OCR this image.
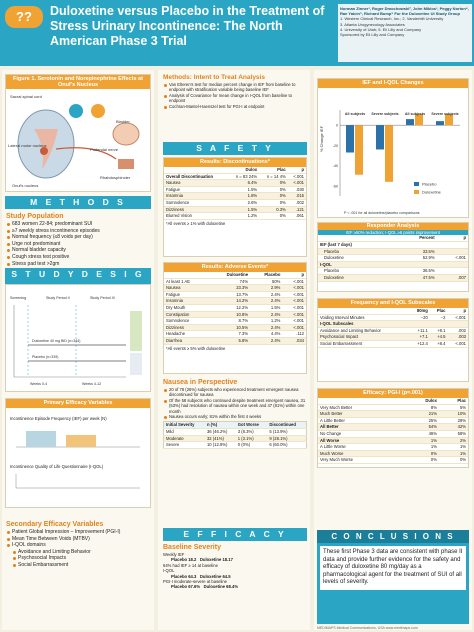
??	Duloxetine versus Placebo in the Treatment of Stress Urinary Incontinence: The North American Phase 3 Trial
Norman Zinner¹, Roger Dmochowski², John Miklos³, Peggy Norton⁴, Rae Yalcin⁵, Richard Bump⁵ For the Duloxetine UI Study Group
1. Western Clinical Research, Inc.; 2. Vanderbilt University
3. Atlanta Urogynecology Associates
4. University of Utah; 5. Eli Lilly and Company
Sponsored by Eli Lilly and Company
Figure 1. Serotonin and Norepinephrine Effects at Onuf's Nucleus
Sacral spinal cord
Onuf's nucleus
Bladder
Pudendal nerve
Rhabdosphincter
Lateral motor nucleus
M E T H O D S
Study Population
683 women 22-84; predominant SUI
≥7 weekly stress incontinence episodes
Normal frequency (≤8 voids per day)
Urge not predominant
Normal bladder capacity
Cough stress test positive
Stress pad test >2gm
S T U D Y D E S I G
Screening	Study Period II
Duloxetine 40 mg BID (n=344)
Placebo (n=339)
Study Period III
Weeks 0-4	Weeks 4-12
Primary Efficacy Variables
Incontinence Episode Frequency (IEF) per week (N)
Incontinence Quality of Life Questionnaire (I-QOL)
Secondary Efficacy Variables
Patient Global Impression – Improvement (PGI-I)
Mean Time Between Voids (MTBV)
I-QOL domains
Avoidance and Limiting Behavior
Psychosocial Impacts
Social Embarrassment
Methods: Intent to Treat Analysis
Van Elteren's test for median percent change in IEF from baseline to endpoint with stratification variable being baseline IEF
Analysis of Covariance for mean change in I-QOL from baseline to endpoint
Cochran-Mantel-Haenszel test for PGI-I at endpoint
S A F E T Y
Results: Discontinuations*
	Dulox	Plac	p
Overall Discontinuation	n = 83 24%	n = 14 4%	<.001
Nausea	6.4%	0%	<.001
Fatigue	1.5%	0%	.030
Insomnia	1.8%	0%	.015
Somnolence	2.6%	0%	.002
Dizziness	1.5%	0.3%	.121
Blurred Vision	1.2%	0%	.061
*All events ≥ 1% with duloxetine
Results: Adverse Events*
	Duloxetine	Placebo	p
At least 1 AE	74%	50%	<.001
Nausea	23.3%	2.9%	<.001
Fatigue	13.7%	2.4%	<.001
Insomnia	14.2%	2.4%	<.001
Dry Mouth	12.2%	1.5%	<.001
Constipation	10.8%	2.4%	<.001
Somnolence	8.7%	1.2%	<.001
Dizziness	10.5%	2.4%	<.001
Headache	7.3%	4.4%	.112
Diarrhea	5.8%	2.4%	.034
*All events ≥ 5% with duloxetine
Nausea in Perspective
20 of 78 (26%) subjects who experienced treatment emergent nausea discontinued for nausea
Of the 58 subjects who continued despite treatment emergent nausea, 31 (53%) had resolution of nausea within one week and 47 (81%) within one month
Nausea occurs early; 81% within the first 4 weeks
Initial Severity	n (%)	Got Worse	Discontinued
Mild	36 (46.2%)	3 (8.3%)	5 (13.9%)
Moderate	32 (41%)	1 (3.1%)	9 (28.1%)
Severe	10 (12.8%)	0 (0%)	6 (60.0%)
E F F I C A C Y
Baseline Severity
Weekly IEF
Placebo 18.2 Duloxetine 18.17
64% had IEF ≥ 14 at baseline
I-QOL
Placebo 64.3 Duloxetine 64.5
PGI-I moderate-severe at baseline
Placebo 67.6% Duloxetine 68.4%
IEF and I-QOL Changes
% Change IEF
P < .001 for all duloxetine/placebo comparisons
Placebo
Duloxetine
-60
-40
-20
0
All subjects Severe subjects All subjects Severe subjects
Responder Analysis
IEF ≥50% reduction; I-QOL ≥6 points improvement
	Percent	p
IEF (last 7 days)		
Placebo	33.5%	
Duloxetine	52.9%	<.001
I-QOL		
Placebo	36.5%	
Duloxetine	47.5%	.007
Frequency and I-QOL Subscales
	80mg	Plac	p
Voiding Interval Minutes	−20	−2	<.001
I-QOL Subscales			
Avoidance and Limiting Behavior	+11.1	+8.1	.002
Psychosocial Impact	+7.1	+4.5	.003
Social Embarrassment	+12.4	+8.4	<.001
Efficacy: PGI-I (p=.001)
	Dulox	Plac
Very Much Better	8%	5%
Much Better	21%	10%
A Little Better	25%	28%
All Better	54%	42%
No Change	46%	58%
All Worse	1%	2%
A Little Worse	1%	1%
Much Worse	0%	1%
Very Much Worse	0%	0%
C O N C L U S I O N S
These first Phase 3 data are consistent with phase II data and provide further evidence for the safety and efficacy of duloxetine 80 mg/day as a pharmacological agent for the treatment of SUI of all levels of severity.
MEDIMAPS Medical Communications, USA www.medimaps.com
